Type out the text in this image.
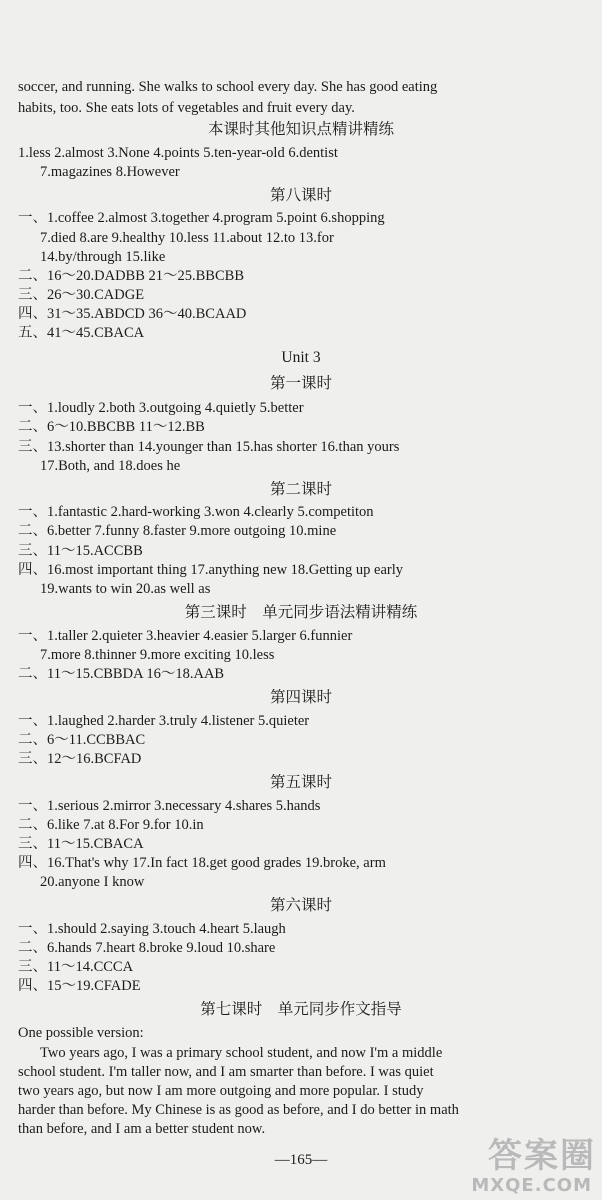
soccer, and running. She walks to school every day. She has good eating
habits, too. She eats lots of vegetables and fruit every day.
本课时其他知识点精讲精练
1.less 2.almost 3.None 4.points 5.ten-year-old 6.dentist
7.magazines 8.However
第八课时
一、1.coffee 2.almost 3.together 4.program 5.point 6.shopping
7.died 8.are 9.healthy 10.less 11.about 12.to 13.for
14.by/through 15.like
二、16～20.DADBB 21～25.BBCBB
三、26～30.CADGE
四、31～35.ABDCD 36～40.BCAAD
五、41～45.CBACA
Unit 3
第一课时
一、1.loudly 2.both 3.outgoing 4.quietly 5.better
二、6～10.BBCBB 11～12.BB
三、13.shorter than 14.younger than 15.has shorter 16.than yours
17.Both, and 18.does he
第二课时
一、1.fantastic 2.hard-working 3.won 4.clearly 5.competiton
二、6.better 7.funny 8.faster 9.more outgoing 10.mine
三、11～15.ACCBB
四、16.most important thing 17.anything new 18.Getting up early
19.wants to win 20.as well as
第三课时　单元同步语法精讲精练
一、1.taller 2.quieter 3.heavier 4.easier 5.larger 6.funnier
7.more 8.thinner 9.more exciting 10.less
二、11～15.CBBDA 16～18.AAB
第四课时
一、1.laughed 2.harder 3.truly 4.listener 5.quieter
二、6～11.CCBBAC
三、12～16.BCFAD
第五课时
一、1.serious 2.mirror 3.necessary 4.shares 5.hands
二、6.like 7.at 8.For 9.for 10.in
三、11～15.CBACA
四、16.That's why 17.In fact 18.get good grades 19.broke, arm
20.anyone I know
第六课时
一、1.should 2.saying 3.touch 4.heart 5.laugh
二、6.hands 7.heart 8.broke 9.loud 10.share
三、11～14.CCCA
四、15～19.CFADE
第七课时　单元同步作文指导
One possible version:
Two years ago, I was a primary school student, and now I'm a middle
school student. I'm taller now, and I am smarter than before. I was quiet
two years ago, but now I am more outgoing and more popular. I study
harder than before. My Chinese is as good as before, and I do better in math
than before, and I am a better student now.
—165—	答案圈
MXQE.COM
